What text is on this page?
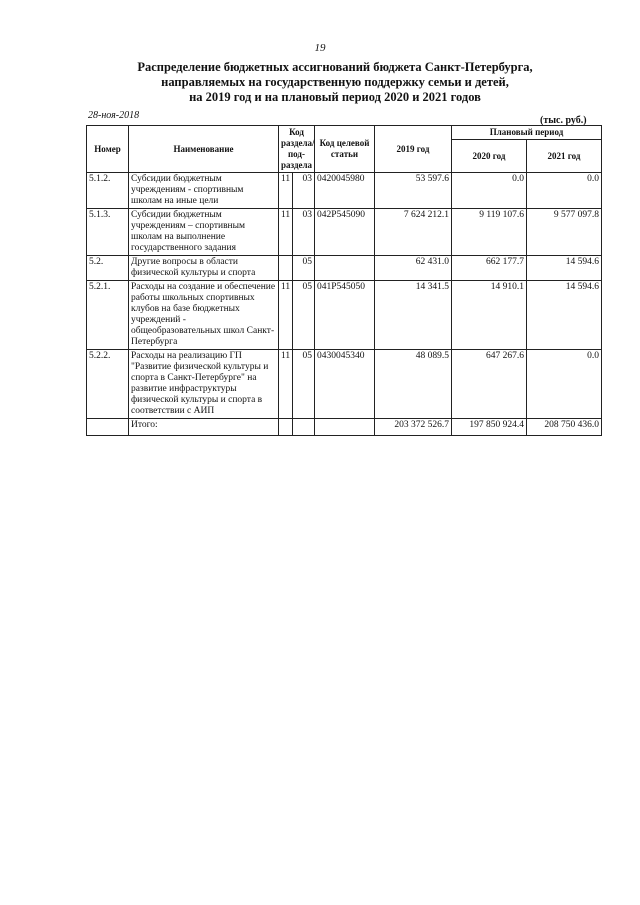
19
Распределение бюджетных ассигнований бюджета Санкт-Петербурга,
направляемых на государственную поддержку семьи и детей,
на 2019 год и на плановый период 2020 и 2021 годов
28-ноя-2018	(тыс. руб.)
Номер	Наименование	Код раздела/ под-раздела		Код целевой статьи	2019 год	Плановый период	
						2020 год	2021 год
5.1.2.	Субсидии бюджетным учреждениям - спортивным школам на иные цели	11	03	0420045980	53 597.6	0.0	0.0
5.1.3.	Субсидии бюджетным учреждениям – спортивным школам на выполнение государственного задания	11	03	042Р545090	7 624 212.1	9 119 107.6	9 577 097.8
5.2.	Другие вопросы в области физической культуры и спорта		05		62 431.0	662 177.7	14 594.6
5.2.1.	Расходы на создание и обеспечение работы школьных спортивных клубов на базе бюджетных учреждений - общеобразовательных школ Санкт-Петербурга	11	05	041Р545050	14 341.5	14 910.1	14 594.6
5.2.2.	Расходы на реализацию ГП "Развитие физической культуры и спорта в Санкт-Петербурге" на развитие инфраструктуры физической культуры и спорта в соответствии с АИП	11	05	0430045340	48 089.5	647 267.6	0.0
	Итого:				203 372 526.7	197 850 924.4	208 750 436.0
